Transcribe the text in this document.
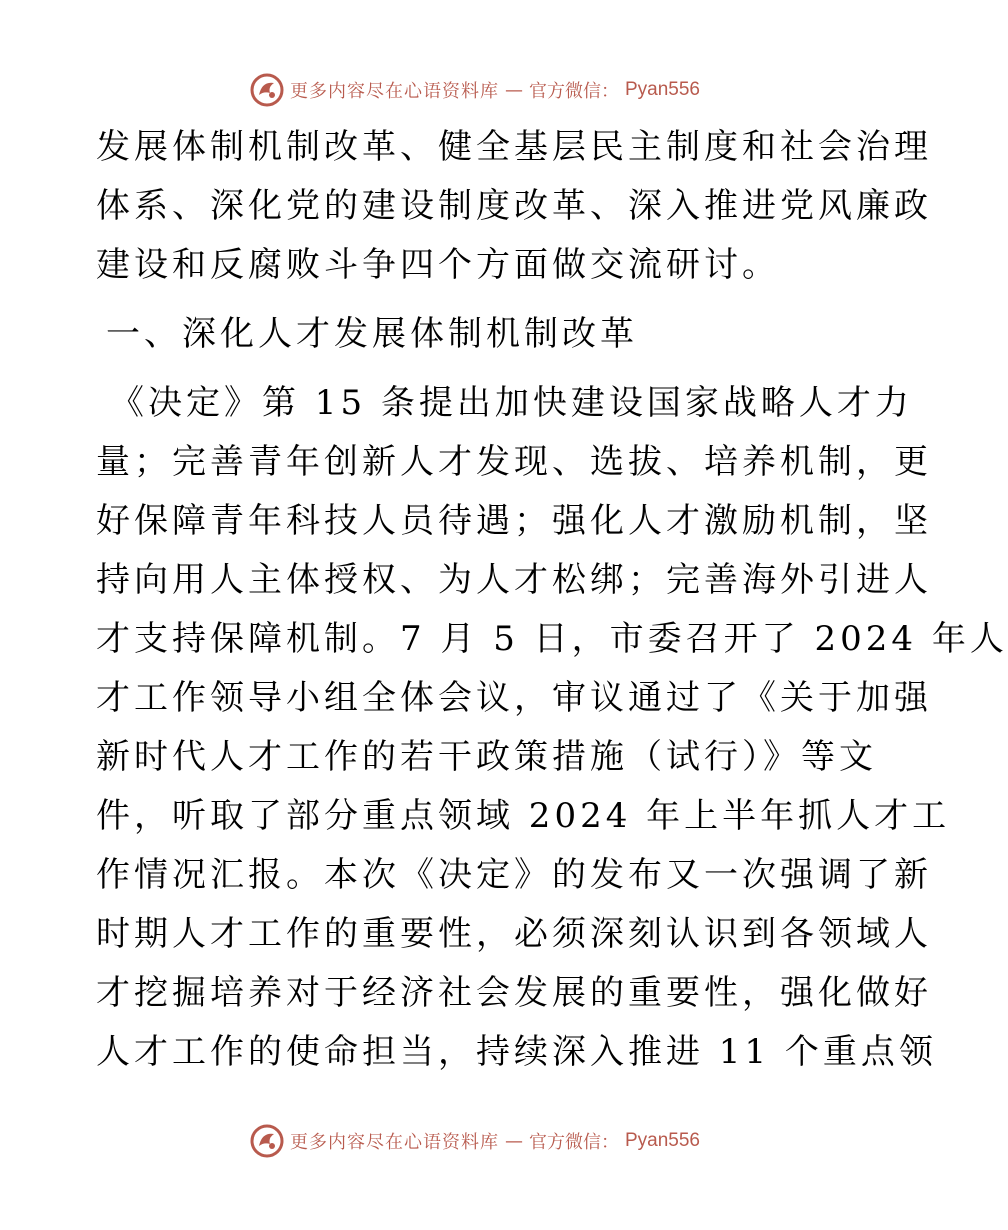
更多内容尽在心语资料库 — 官方微信： Pyan556
发展体制机制改革、健全基层民主制度和社会治理
体系、深化党的建设制度改革、深入推进党风廉政
建设和反腐败斗争四个方面做交流研讨。
一、深化人才发展体制机制改革
《决定》第 15 条提出加快建设国家战略人才力
量；完善青年创新人才发现、选拔、培养机制，更
好保障青年科技人员待遇；强化人才激励机制，坚
持向用人主体授权、为人才松绑；完善海外引进人
才支持保障机制。7 月 5 日，市委召开了 2024 年人
才工作领导小组全体会议，审议通过了《关于加强
新时代人才工作的若干政策措施（试行）》等文
件，听取了部分重点领域 2024 年上半年抓人才工
作情况汇报。本次《决定》的发布又一次强调了新
时期人才工作的重要性，必须深刻认识到各领域人
才挖掘培养对于经济社会发展的重要性，强化做好
人才工作的使命担当，持续深入推进 11 个重点领
更多内容尽在心语资料库 — 官方微信： Pyan556
